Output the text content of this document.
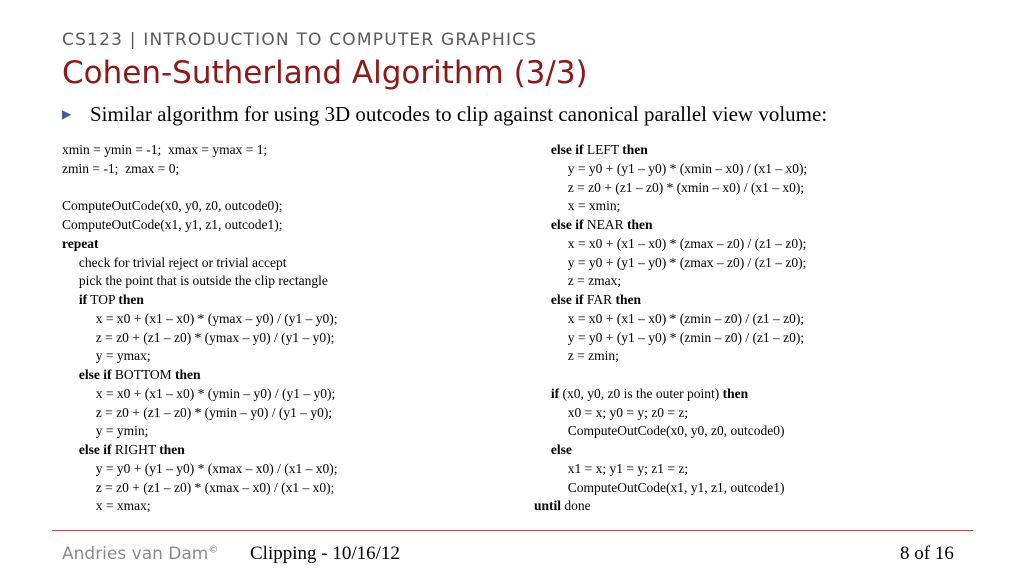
CS123 | INTRODUCTION TO COMPUTER GRAPHICS
Cohen-Sutherland Algorithm (3/3)
▶ Similar algorithm for using 3D outcodes to clip against canonical parallel view volume:
xmin = ymin = -1;  xmax = ymax = 1;
zmin = -1;  zmax = 0;
ComputeOutCode(x0, y0, z0, outcode0);
ComputeOutCode(x1, y1, z1, outcode1);
repeat
check for trivial reject or trivial accept
pick the point that is outside the clip rectangle
if TOP then
x = x0 + (x1 – x0) * (ymax – y0) / (y1 – y0);
z = z0 + (z1 – z0) * (ymax – y0) / (y1 – y0);
y = ymax;
else if BOTTOM then
x = x0 + (x1 – x0) * (ymin – y0) / (y1 – y0);
z = z0 + (z1 – z0) * (ymin – y0) / (y1 – y0);
y = ymin;
else if RIGHT then
y = y0 + (y1 – y0) * (xmax – x0) / (x1 – x0);
z = z0 + (z1 – z0) * (xmax – x0) / (x1 – x0);
x = xmax;
else if LEFT then
y = y0 + (y1 – y0) * (xmin – x0) / (x1 – x0);
z = z0 + (z1 – z0) * (xmin – x0) / (x1 – x0);
x = xmin;
else if NEAR then
x = x0 + (x1 – x0) * (zmax – z0) / (z1 – z0);
y = y0 + (y1 – y0) * (zmax – z0) / (z1 – z0);
z = zmax;
else if FAR then
x = x0 + (x1 – x0) * (zmin – z0) / (z1 – z0);
y = y0 + (y1 – y0) * (zmin – z0) / (z1 – z0);
z = zmin;
if (x0, y0, z0 is the outer point) then
x0 = x; y0 = y; z0 = z;
ComputeOutCode(x0, y0, z0, outcode0)
else
x1 = x; y1 = y; z1 = z;
ComputeOutCode(x1, y1, z1, outcode1)
until done
Andries van Dam© Clipping - 10/16/12	8 of 16
